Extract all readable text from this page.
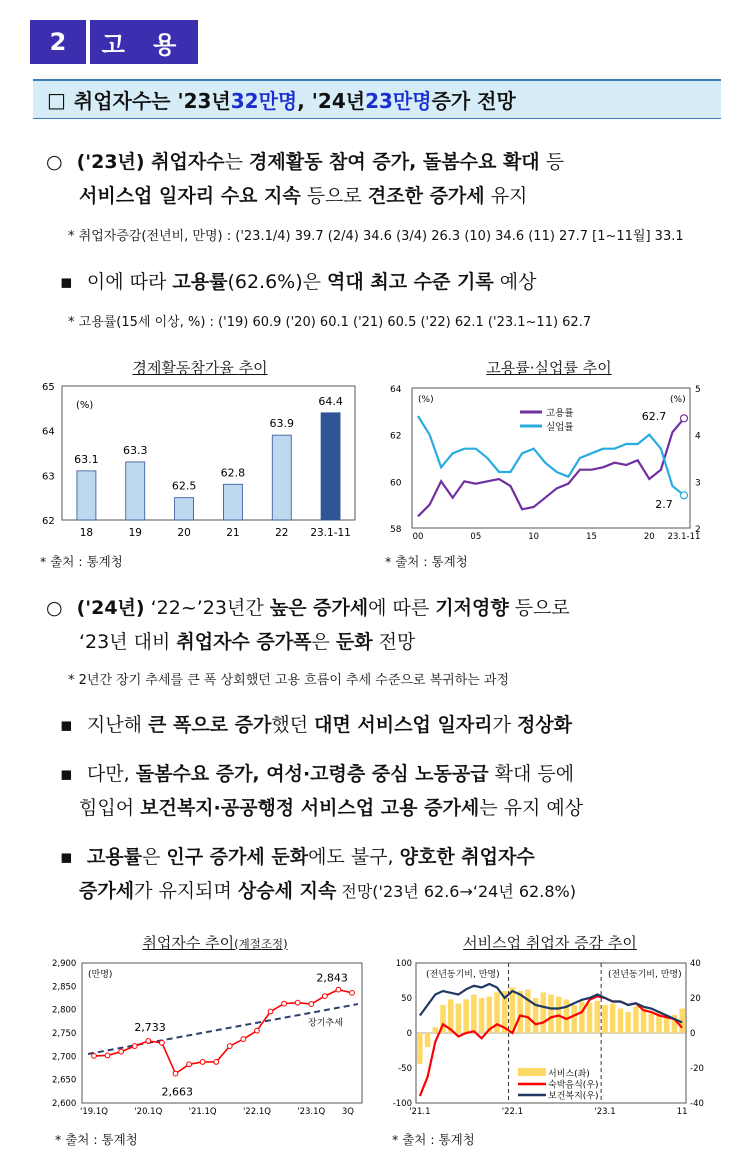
2	고 용
□ 취업자수는 '23년 32만명 , '24년 23만명 증가 전망
○ ('23년) 취업자수는 경제활동 참여 증가, 돌봄수요 확대 등
서비스업 일자리 수요 지속 등으로 견조한 증가세 유지
* 취업자증감(전년비, 만명) : ('23.1/4) 39.7 (2/4) 34.6 (3/4) 26.3 (10) 34.6 (11) 27.7 [1~11월] 33.1
▪ 이에 따라 고용률(62.6%)은 역대 최고 수준 기록 예상
* 고용률(15세 이상, %) : ('19) 60.9 ('20) 60.1 ('21) 60.5 ('22) 62.1 ('23.1~11) 62.7
경제활동참가율 추이
62
63
64
65
(%)
63.1
18
63.3
19
62.5
20
62.8
21
63.9
22
64.4
23.1-11
* 출처 : 통계청
고용률·실업률 추이
58
60
62
64
2
3
4
5
00	05	10	15	20 23.1-11
(%)	(%)
고용률
실업률
62.7
2.7
* 출처 : 통계청
○ ('24년) ‘22~’23년간 높은 증가세에 따른 기저영향 등으로
‘23년 대비 취업자수 증가폭은 둔화 전망
* 2년간 장기 추세를 큰 폭 상회했던 고용 흐름이 추세 수준으로 복귀하는 과정
▪ 지난해 큰 폭으로 증가했던 대면 서비스업 일자리가 정상화
▪ 다만, 돌봄수요 증가, 여성·고령층 중심 노동공급 확대 등에
힘입어 보건복지·공공행정 서비스업 고용 증가세는 유지 예상
▪ 고용률은 인구 증가세 둔화에도 불구, 양호한 취업자수
증가세가 유지되며 상승세 지속 전망('23년 62.6→‘24년 62.8%)
취업자수 추이(계절조정)
2,600
2,650
2,700
2,750
2,800
2,850
2,900
'19.1Q	'20.1Q	'21.1Q	'22.1Q	'23.1Q 3Q
(만명)
장기추세
2,733
2,663
2,843
* 출처 : 통계청
서비스업 취업자 증감 추이
-100
-50
0
50
100
-40
-20
0
20
40
'21.1	'22.1	'23.1	11
(전년동기비, 만명)	(전년동기비, 만명)
서비스(좌)
숙박음식(우)
보건복지(우)
* 출처 : 통계청
